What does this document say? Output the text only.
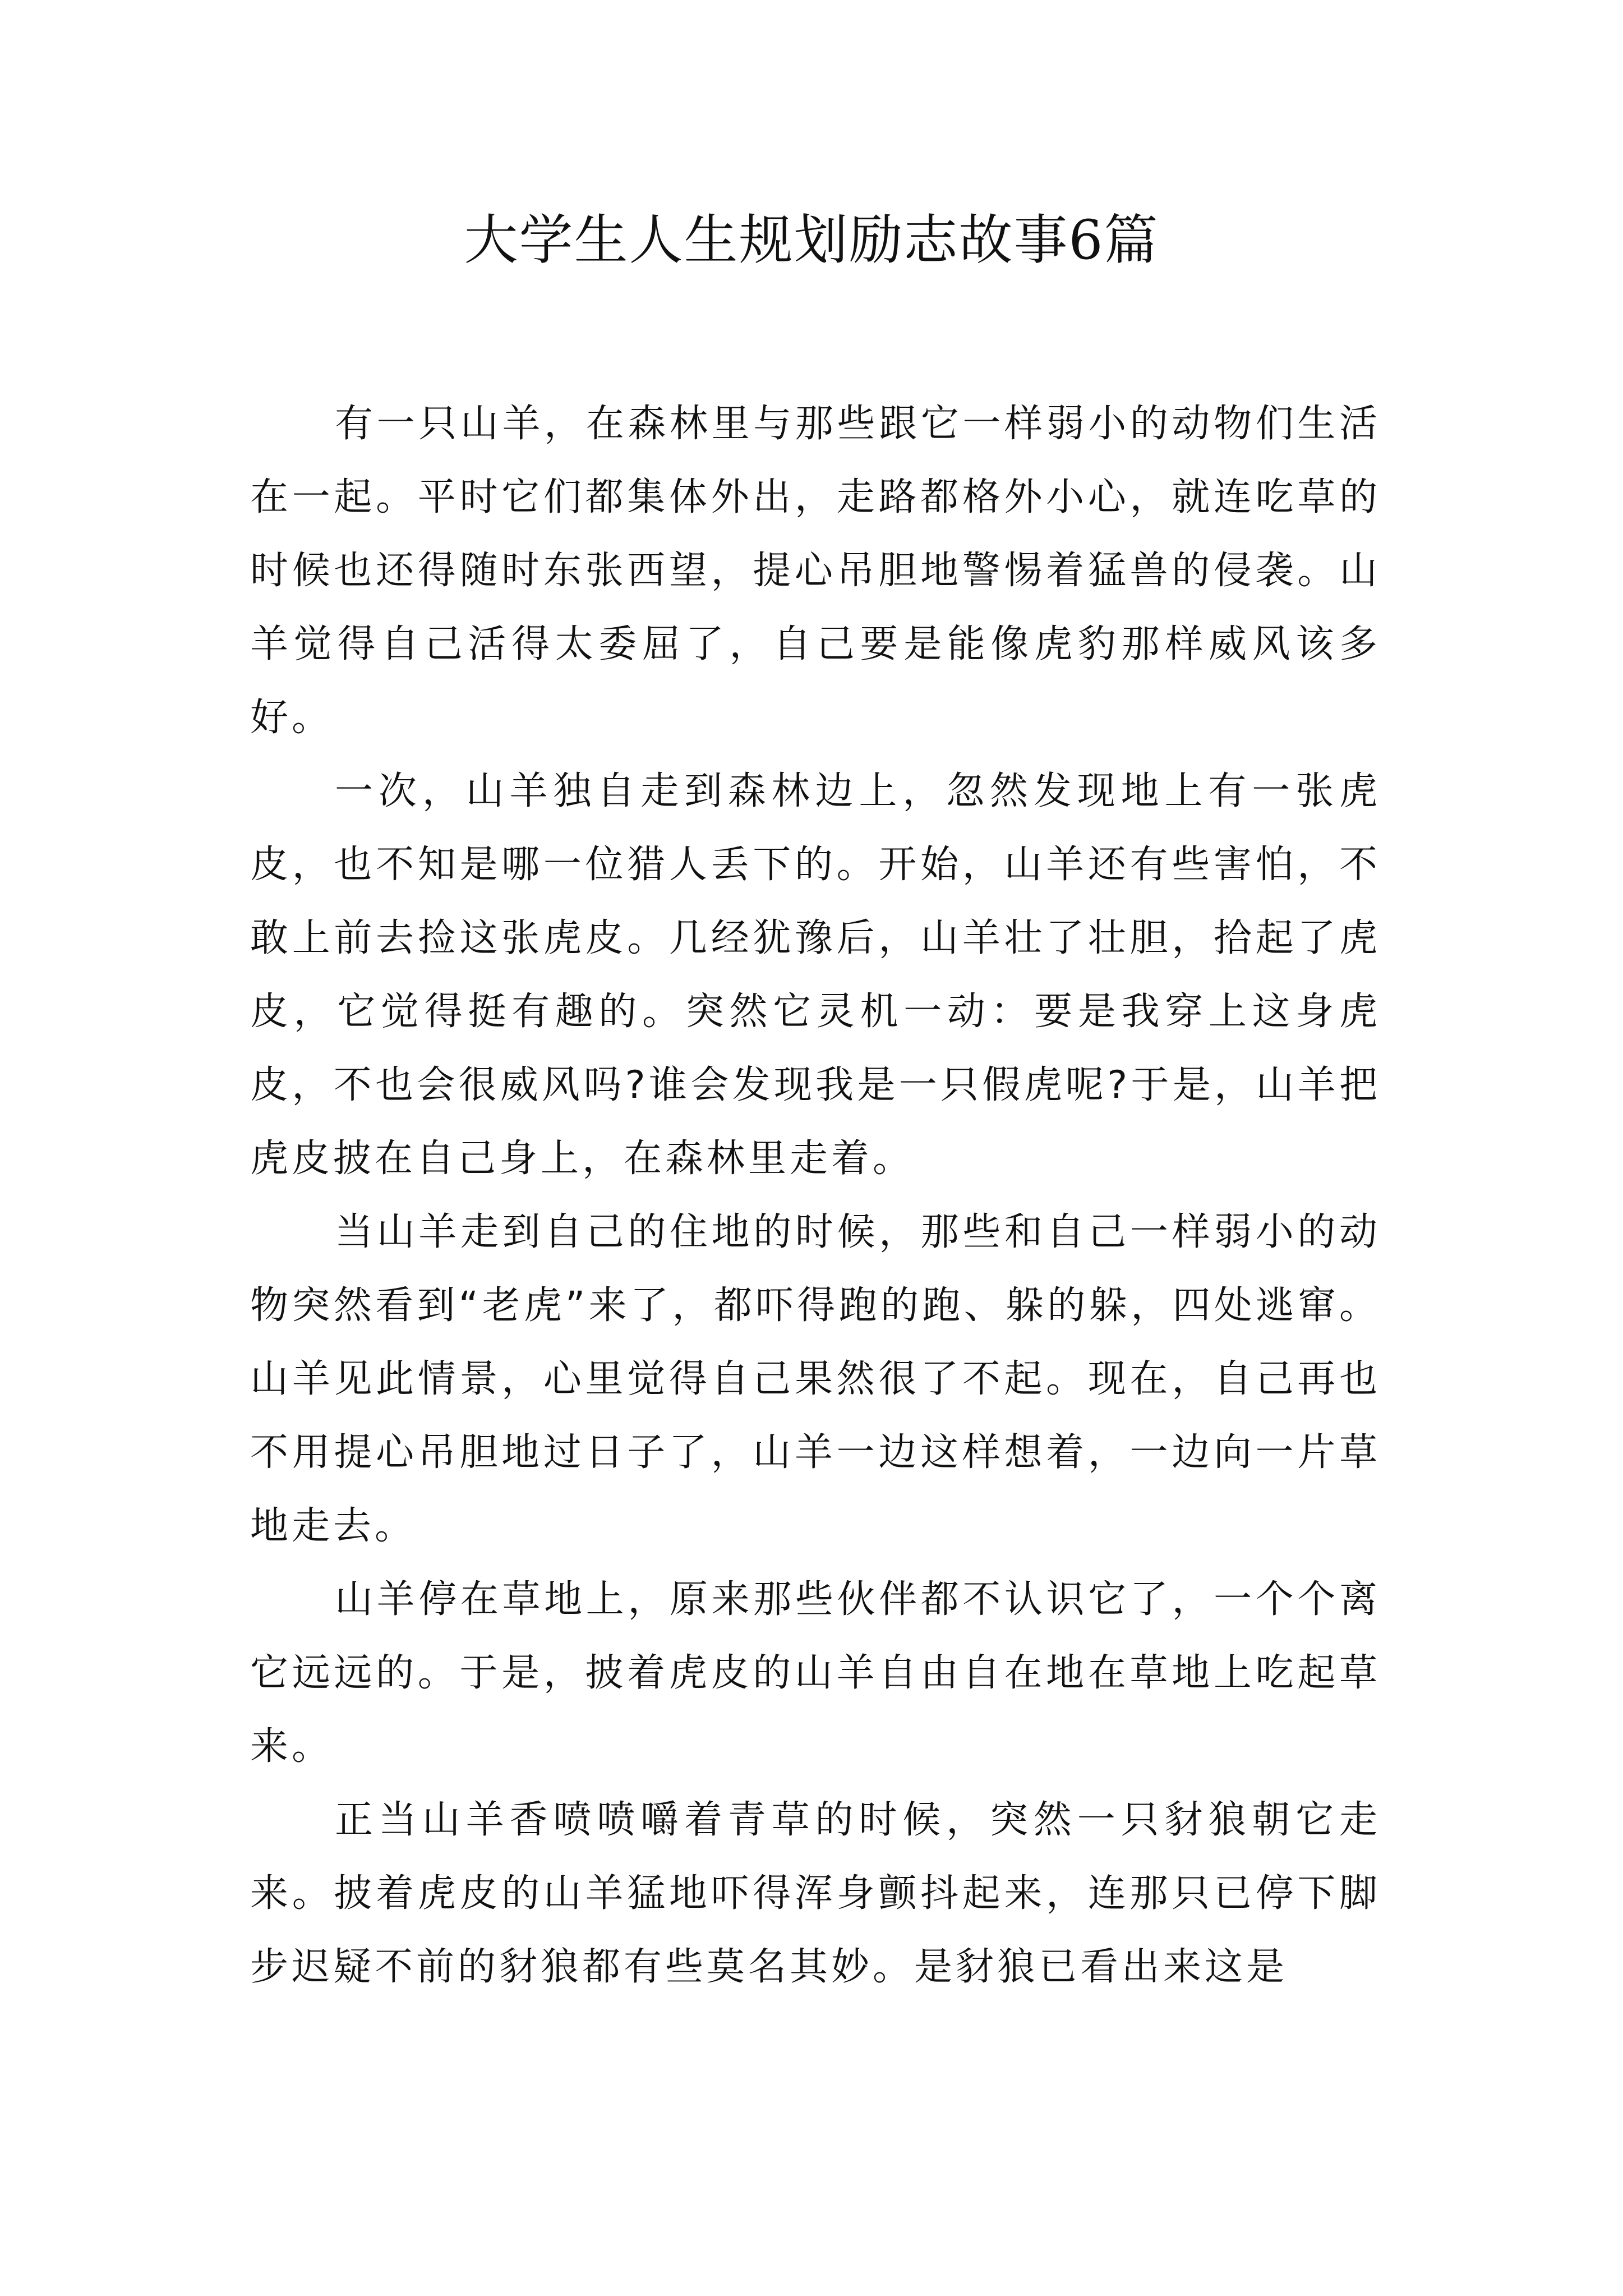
大学生人生规划励志故事6篇

有一只山羊，在森林里与那些跟它一样弱小的动物们生活在一起。平时它们都集体外出，走路都格外小心，就连吃草的时候也还得随时东张西望，提心吊胆地警惕着猛兽的侵袭。山羊觉得自己活得太委屈了，自己要是能像虎豹那样威风该多好。

一次，山羊独自走到森林边上，忽然发现地上有一张虎皮，也不知是哪一位猎人丢下的。开始，山羊还有些害怕，不敢上前去捡这张虎皮。几经犹豫后，山羊壮了壮胆，拾起了虎皮，它觉得挺有趣的。突然它灵机一动：要是我穿上这身虎皮，不也会很威风吗?谁会发现我是一只假虎呢?于是，山羊把虎皮披在自己身上，在森林里走着。

当山羊走到自己的住地的时候，那些和自己一样弱小的动物突然看到“老虎”来了，都吓得跑的跑、躲的躲，四处逃窜。山羊见此情景，心里觉得自己果然很了不起。现在，自己再也不用提心吊胆地过日子了，山羊一边这样想着，一边向一片草地走去。

山羊停在草地上，原来那些伙伴都不认识它了，一个个离它远远的。于是，披着虎皮的山羊自由自在地在草地上吃起草来。

正当山羊香喷喷嚼着青草的时候，突然一只豺狼朝它走来。披着虎皮的山羊猛地吓得浑身颤抖起来，连那只已停下脚步迟疑不前的豺狼都有些莫名其妙。是豺狼已看出来这是
